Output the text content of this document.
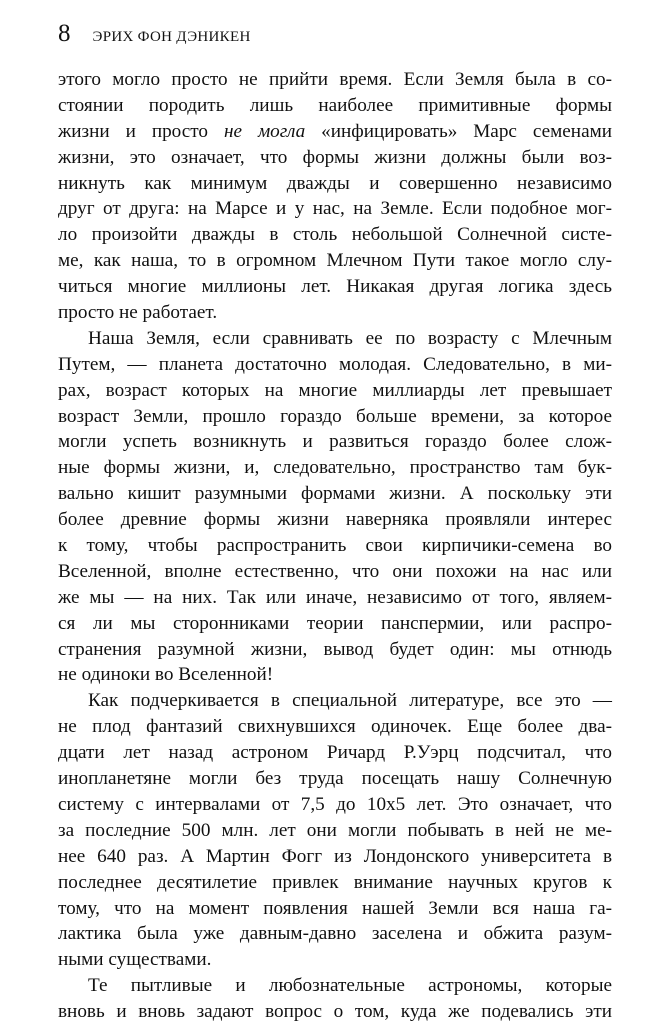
8 ЭРИХ ФОН ДЭНИКЕН
этого могло просто не прийти время. Если Земля была в со-
стоянии породить лишь наиболее примитивные формы
жизни и просто не могла «инфицировать» Марс семенами
жизни, это означает, что формы жизни должны были воз-
никнуть как минимум дважды и совершенно независимо
друг от друга: на Марсе и у нас, на Земле. Если подобное мог-
ло произойти дважды в столь небольшой Солнечной систе-
ме, как наша, то в огромном Млечном Пути такое могло слу-
читься многие миллионы лет. Никакая другая логика здесь
просто не работает.
Наша Земля, если сравнивать ее по возрасту с Млечным
Путем, — планета достаточно молодая. Следовательно, в ми-
рах, возраст которых на многие миллиарды лет превышает
возраст Земли, прошло гораздо больше времени, за которое
могли успеть возникнуть и развиться гораздо более слож-
ные формы жизни, и, следовательно, пространство там бук-
вально кишит разумными формами жизни. А поскольку эти
более древние формы жизни наверняка проявляли интерес
к тому, чтобы распространить свои кирпичики-семена во
Вселенной, вполне естественно, что они похожи на нас или
же мы — на них. Так или иначе, независимо от того, являем-
ся ли мы сторонниками теории панспермии, или распро-
странения разумной жизни, вывод будет один: мы отнюдь
не одиноки во Вселенной!
Как подчеркивается в специальной литературе, все это —
не плод фантазий свихнувшихся одиночек. Еще более два-
дцати лет назад астроном Ричард Р.Уэрц подсчитал, что
инопланетяне могли без труда посещать нашу Солнечную
систему с интервалами от 7,5 до 10x5 лет. Это означает, что
за последние 500 млн. лет они могли побывать в ней не ме-
нее 640 раз. А Мартин Фогг из Лондонского университета в
последнее десятилетие привлек внимание научных кругов к
тому, что на момент появления нашей Земли вся наша га-
лактика была уже давным-давно заселена и обжита разум-
ными существами.
Те пытливые и любознательные астрономы, которые
вновь и вновь задают вопрос о том, куда же подевались эти
